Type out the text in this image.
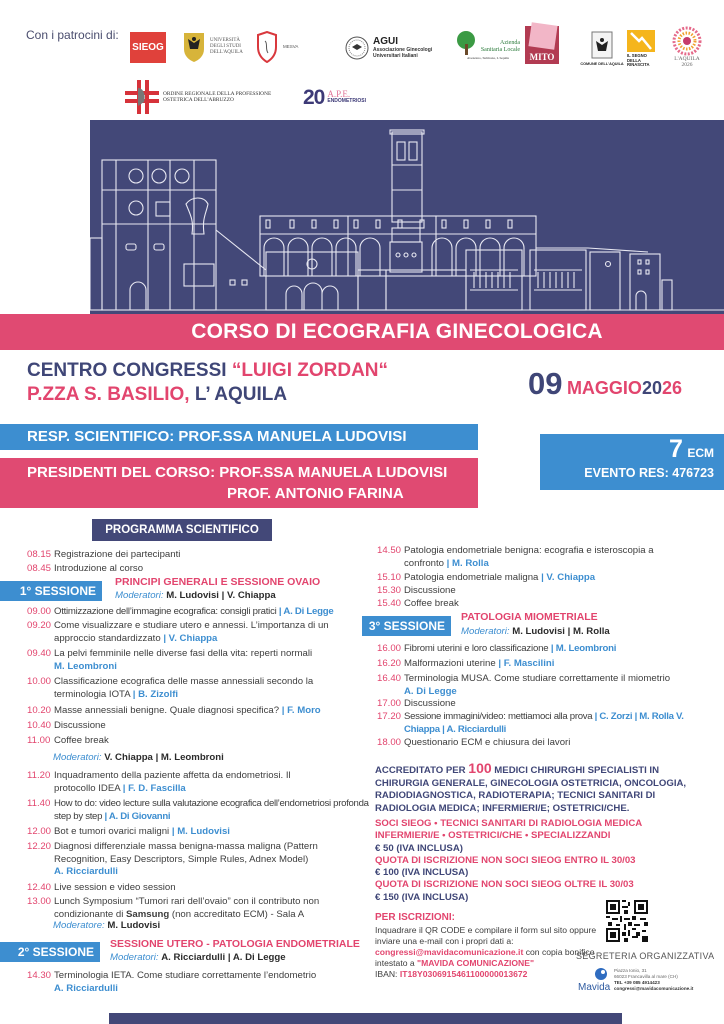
Con i patrocini di:
SIEOG
UNIVERSITÀ DEGLI STUDI DELL'AQUILA
MESVA	AGUI
Associazione Ginecologi Universitari Italiani
Azienda Sanitaria Locale
Avezzano, Sulmona, L'Aquila	MITO
COMUNE DELL'AQUILA
IL SEGNO DELLA RINASCITA
L'AQUILA 2026
ORDINE REGIONALE DELLA PROFESSIONE OSTETRICA DELL'ABRUZZO	20 A.P.E.
ENDOMETRIOSI
CORSO DI ECOGRAFIA GINECOLOGICA
CENTRO CONGRESSI “LUIGI ZORDAN“
P.ZZA S. BASILIO, L’ AQUILA	09 MAGGIO2026
RESP. SCIENTIFICO: PROF.SSA MANUELA LUDOVISI
PRESIDENTI DEL CORSO: PROF.SSA MANUELA LUDOVISI
PROF. ANTONIO FARINA
7 ECM
EVENTO RES: 476723
PROGRAMMA SCIENTIFICO
08.15 Registrazione dei partecipanti
08.45 Introduzione al corso
1° SESSIONE
PRINCIPI GENERALI E SESSIONE OVAIO
Moderatori: M. Ludovisi | V. Chiappa
09.00 Ottimizzazione dell’immagine ecografica: consigli pratici | A. Di Legge
09.20 Come visualizzare e studiare utero e annessi. L’importanza di un approccio standardizzato | V. Chiappa
09.40 La pelvi femminile nelle diverse fasi della vita: reperti normali
M. Leombroni
10.00 Classificazione ecografica delle masse annessiali secondo la terminologia IOTA | B. Zizolfi
10.20 Masse annessiali benigne. Quale diagnosi specifica? | F. Moro
10.40 Discussione
11.00 Coffee break
Moderatori: V. Chiappa | M. Leombroni
11.20 Inquadramento della paziente affetta da endometriosi. Il protocollo IDEA | F. D. Fascilla
11.40 How to do: video lecture sulla valutazione ecografica dell’endometriosi profonda step by step | A. Di Giovanni
12.00 Bot e tumori ovarici maligni | M. Ludovisi
12.20 Diagnosi differenziale massa benigna-massa maligna (Pattern Recognition, Easy Descriptors, Simple Rules, Adnex Model)
A. Ricciardulli
12.40 Live session e video session
13.00 Lunch Symposium “Tumori rari dell’ovaio” con il contributo non condizionante di Samsung (non accreditato ECM) - Sala A
Moderatore: M. Ludovisi
2° SESSIONE
SESSIONE UTERO - PATOLOGIA ENDOMETRIALE
Moderatori: A. Ricciardulli | A. Di Legge
14.30 Terminologia IETA. Come studiare correttamente l’endometrio
A. Ricciardulli
14.50 Patologia endometriale benigna: ecografia e isteroscopia a confronto | M. Rolla
15.10 Patologia endometriale maligna | V. Chiappa
15.30 Discussione
15.40 Coffee break
3° SESSIONE
PATOLOGIA MIOMETRIALE
Moderatori: M. Ludovisi | M. Rolla
16.00 Fibromi uterini e loro classificazione | M. Leombroni
16.20 Malformazioni uterine | F. Mascilini
16.40 Terminologia MUSA. Come studiare correttamente il miometrio
A. Di Legge
17.00 Discussione
17.20 Sessione immagini/video: mettiamoci alla prova | C. Zorzi | M. Rolla V. Chiappa | A. Ricciardulli
18.00 Questionario ECM e chiusura dei lavori
ACCREDITATO PER 100 MEDICI CHIRURGHI SPECIALISTI IN CHIRURGIA GENERALE, GINECOLOGIA OSTETRICIA, ONCOLOGIA, RADIODIAGNOSTICA, RADIOTERAPIA; TECNICI SANITARI DI RADIOLOGIA MEDICA; INFERMIERI/E; OSTETRICI/CHE.
SOCI SIEOG • TECNICI SANITARI DI RADIOLOGIA MEDICA
INFERMIERI/E • OSTETRICI/CHE • SPECIALIZZANDI
€ 50 (IVA INCLUSA)
QUOTA DI ISCRIZIONE NON SOCI SIEOG ENTRO IL 30/03
€ 100 (IVA INCLUSA)
QUOTA DI ISCRIZIONE NON SOCI SIEOG OLTRE IL 30/03
€ 150 (IVA INCLUSA)
PER ISCRIZIONI:
Inquadrare il QR CODE e compilare il form sul sito oppure inviare una e-mail con i propri dati a: congressi@mavidacomunicazione.it con copia bonifico intestato a "MAVIDA COMUNICAZIONE"
IBAN: IT18Y0306915461100000013672
SEGRETERIA ORGANIZZATIVA
Mavida
Piazza Ionio, 31
66023 Francavilla al mare (CH)
TEL +39 085 4914423
congressi@mavidacomunicazione.it
